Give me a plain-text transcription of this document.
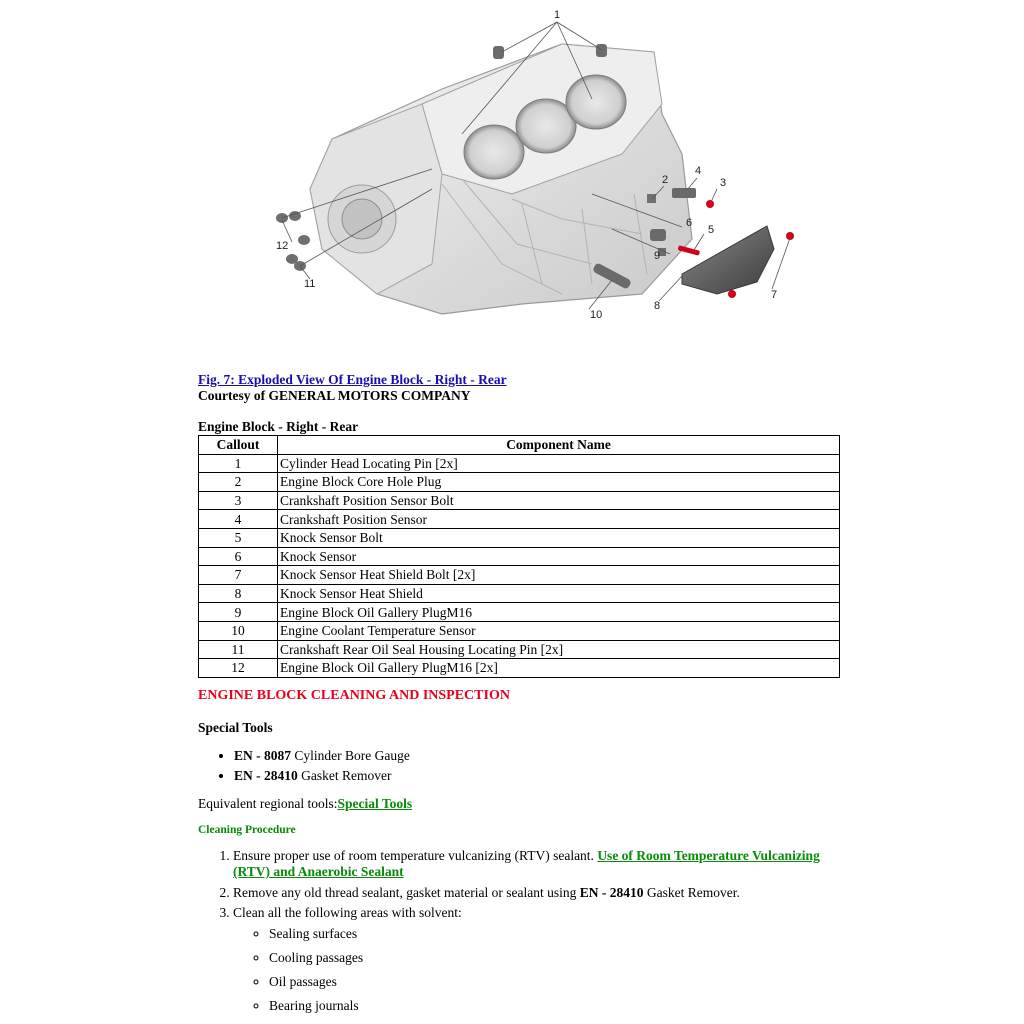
1
2	3
4
5
6
7
8
9
10
11
12
Fig. 7: Exploded View Of Engine Block - Right - Rear
Courtesy of GENERAL MOTORS COMPANY
Engine Block - Right - Rear
Callout	Component Name
1	Cylinder Head Locating Pin [2x]
2	Engine Block Core Hole Plug
3	Crankshaft Position Sensor Bolt
4	Crankshaft Position Sensor
5	Knock Sensor Bolt
6	Knock Sensor
7	Knock Sensor Heat Shield Bolt [2x]
8	Knock Sensor Heat Shield
9	Engine Block Oil Gallery PlugM16
10	Engine Coolant Temperature Sensor
11	Crankshaft Rear Oil Seal Housing Locating Pin [2x]
12	Engine Block Oil Gallery PlugM16 [2x]
ENGINE BLOCK CLEANING AND INSPECTION
Special Tools
• EN - 8087 Cylinder Bore Gauge
• EN - 28410 Gasket Remover
Equivalent regional tools:Special Tools
Cleaning Procedure
1. Ensure proper use of room temperature vulcanizing (RTV) sealant. Use of Room Temperature Vulcanizing (RTV) and Anaerobic Sealant
2. Remove any old thread sealant, gasket material or sealant using EN - 28410 Gasket Remover.
3. Clean all the following areas with solvent:
◦ Sealing surfaces
◦ Cooling passages
◦ Oil passages
◦ Bearing journals
